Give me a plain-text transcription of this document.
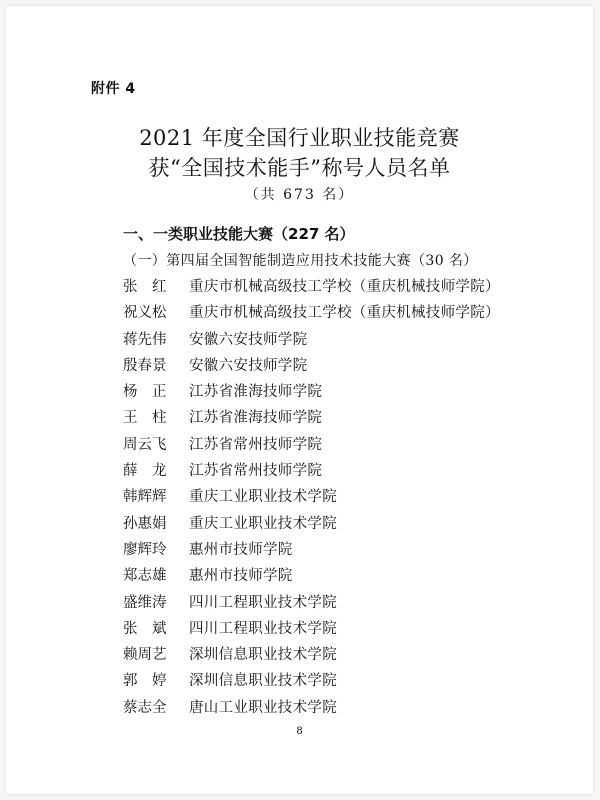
附件 4
2021 年度全国行业职业技能竞赛
获“全国技术能手”称号人员名单
（共 673 名）
一、一类职业技能大赛（227 名）
（一）第四届全国智能制造应用技术技能大赛（30 名）
张　红 重庆市机械高级技工学校（重庆机械技师学院）
祝义松 重庆市机械高级技工学校（重庆机械技师学院）
蒋先伟 安徽六安技师学院
殷春景 安徽六安技师学院
杨　正 江苏省淮海技师学院
王　柱 江苏省淮海技师学院
周云飞 江苏省常州技师学院
薛　龙 江苏省常州技师学院
韩辉辉 重庆工业职业技术学院
孙惠娟 重庆工业职业技术学院
廖辉玲 惠州市技师学院
郑志雄 惠州市技师学院
盛维涛 四川工程职业技术学院
张　斌 四川工程职业技术学院
赖周艺 深圳信息职业技术学院
郭　婷 深圳信息职业技术学院
蔡志全 唐山工业职业技术学院
8
